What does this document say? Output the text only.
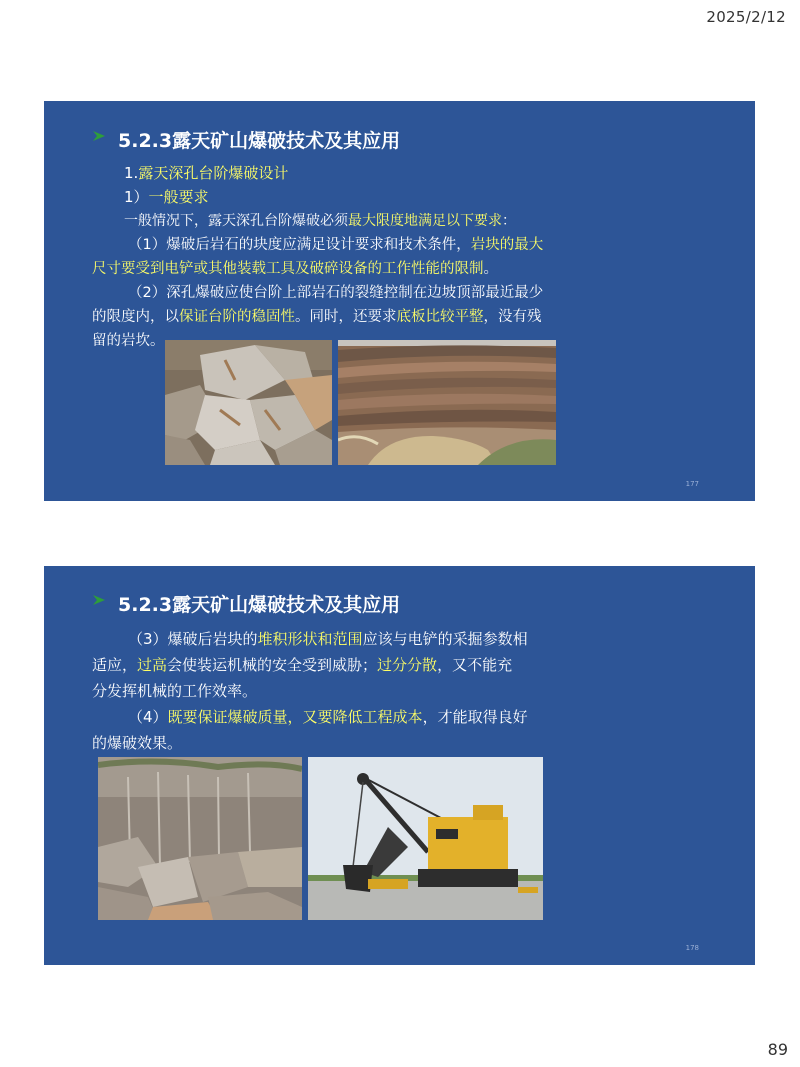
2025/2/12
5.2.3露天矿山爆破技术及其应用
1.露天深孔台阶爆破设计
1）一般要求
一般情况下，露天深孔台阶爆破必须最大限度地满足以下要求：
（1）爆破后岩石的块度应满足设计要求和技术条件，岩块的最大
尺寸要受到电铲或其他装载工具及破碎设备的工作性能的限制。
（2）深孔爆破应使台阶上部岩石的裂缝控制在边坡顶部最近最少
的限度内，以保证台阶的稳固性。同时，还要求底板比较平整，没有残
留的岩坎。
177
5.2.3露天矿山爆破技术及其应用
（3）爆破后岩块的堆积形状和范围应该与电铲的采掘参数相
适应，过高会使装运机械的安全受到威胁；过分分散，又不能充
分发挥机械的工作效率。
（4）既要保证爆破质量，又要降低工程成本，才能取得良好
的爆破效果。
178
89
